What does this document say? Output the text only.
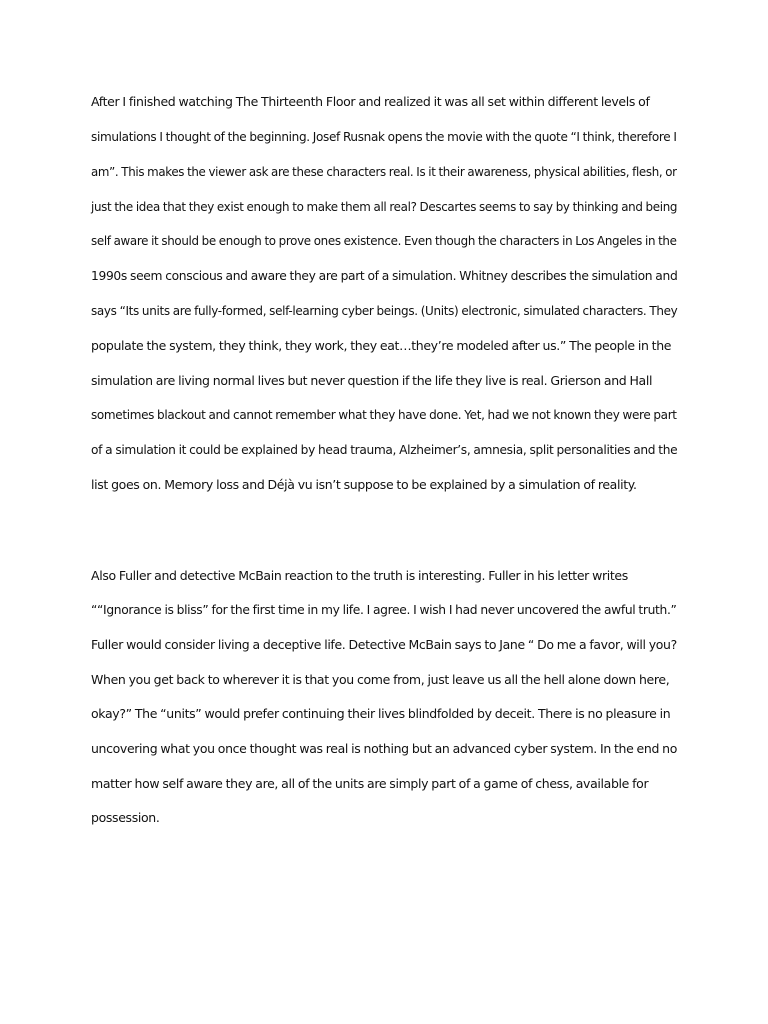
After I finished watching The Thirteenth Floor and realized it was all set within different levels of
simulations I thought of the beginning. Josef Rusnak opens the movie with the quote “I think, therefore I
am”. This makes the viewer ask are these characters real. Is it their awareness, physical abilities, flesh, or
just the idea that they exist enough to make them all real? Descartes seems to say by thinking and being
self aware it should be enough to prove ones existence. Even though the characters in Los Angeles in the
1990s seem conscious and aware they are part of a simulation. Whitney describes the simulation and
says “Its units are fully-formed, self-learning cyber beings. (Units) electronic, simulated characters. They
populate the system, they think, they work, they eat…they’re modeled after us.” The people in the
simulation are living normal lives but never question if the life they live is real. Grierson and Hall
sometimes blackout and cannot remember what they have done. Yet, had we not known they were part
of a simulation it could be explained by head trauma, Alzheimer’s, amnesia, split personalities and the
list goes on. Memory loss and Déjà vu isn’t suppose to be explained by a simulation of reality.
Also Fuller and detective McBain reaction to the truth is interesting. Fuller in his letter writes
““Ignorance is bliss” for the first time in my life. I agree. I wish I had never uncovered the awful truth.”
Fuller would consider living a deceptive life. Detective McBain says to Jane “ Do me a favor, will you?
When you get back to wherever it is that you come from, just leave us all the hell alone down here,
okay?” The “units” would prefer continuing their lives blindfolded by deceit. There is no pleasure in
uncovering what you once thought was real is nothing but an advanced cyber system. In the end no
matter how self aware they are, all of the units are simply part of a game of chess, available for
possession.
